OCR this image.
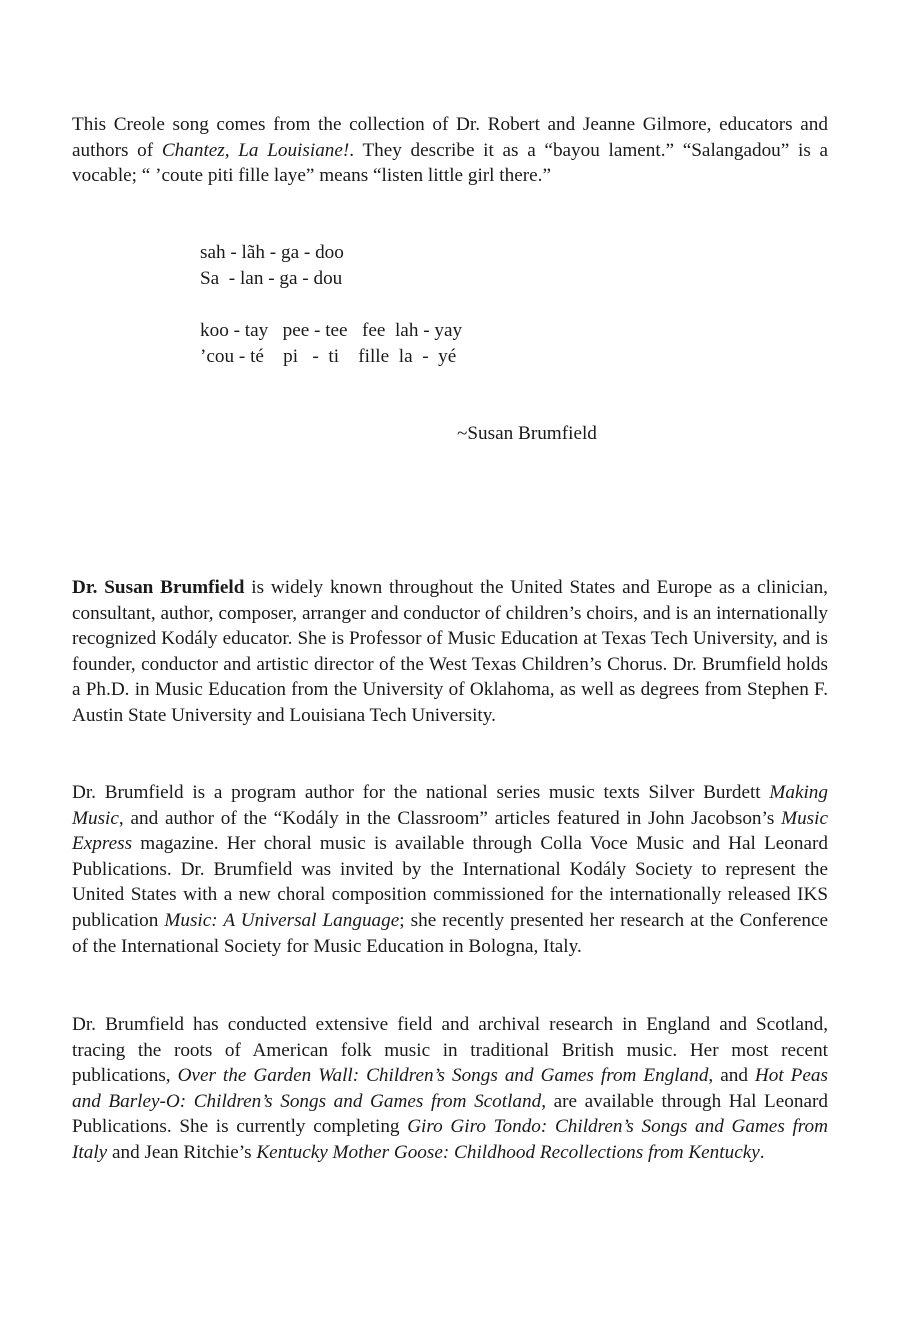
This Creole song comes from the collection of Dr. Robert and Jeanne Gilmore, educators and authors of Chantez, La Louisiane!. They describe it as a “bayou lament.” “Salangadou” is a vocable; “ ’coute piti fille laye” means “listen little girl there.”

sah - lãh - ga - doo
Sa  - lan - ga - dou
koo - tay   pee - tee   fee  lah - yay
’cou - té    pi   -  ti    fille  la  -  yé
~Susan Brumfield

Dr. Susan Brumfield is widely known throughout the United States and Europe as a clinician, consultant, author, composer, arranger and conductor of children’s choirs, and is an internationally recognized Kodály educator. She is Professor of Music Education at Texas Tech University, and is founder, conductor and artistic director of the West Texas Children’s Chorus. Dr. Brumfield holds a Ph.D. in Music Education from the University of Oklahoma, as well as degrees from Stephen F. Austin State University and Louisiana Tech University.

Dr. Brumfield is a program author for the national series music texts Silver Burdett Making Music, and author of the “Kodály in the Classroom” articles featured in John Jacobson’s Music Express magazine. Her choral music is available through Colla Voce Music and Hal Leonard Publications. Dr. Brumfield was invited by the International Kodály Society to represent the United States with a new choral composition commissioned for the internationally released IKS publication Music: A Universal Language; she recently presented her research at the Conference of the International Society for Music Education in Bologna, Italy.

Dr. Brumfield has conducted extensive field and archival research in England and Scotland, tracing the roots of American folk music in traditional British music. Her most recent publications, Over the Garden Wall: Children’s Songs and Games from England, and Hot Peas and Barley-O: Children’s Songs and Games from Scotland, are available through Hal Leonard Publications. She is currently completing Giro Giro Tondo: Children’s Songs and Games from Italy and Jean Ritchie’s Kentucky Mother Goose: Childhood Recollections from Kentucky.
